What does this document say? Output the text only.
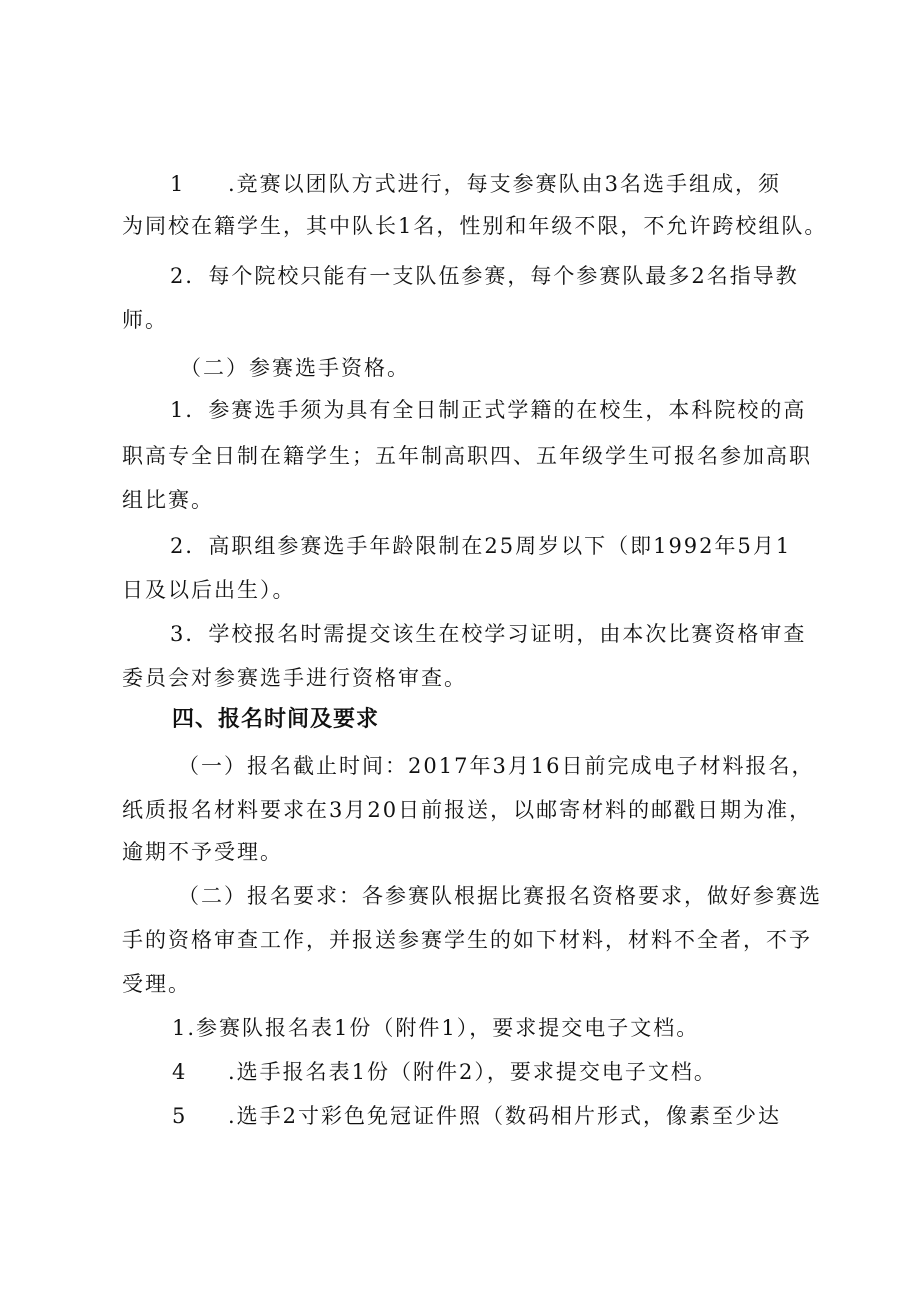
1 .竞赛以团队方式进行，每支参赛队由3名选手组成，须
为同校在籍学生，其中队长1名，性别和年级不限，不允许跨校组队。
2．每个院校只能有一支队伍参赛，每个参赛队最多2名指导教
师。
（二）参赛选手资格。
1．参赛选手须为具有全日制正式学籍的在校生，本科院校的高
职高专全日制在籍学生；五年制高职四、五年级学生可报名参加高职
组比赛。
2．高职组参赛选手年龄限制在25周岁以下（即1992年5月1
日及以后出生）。
3．学校报名时需提交该生在校学习证明，由本次比赛资格审查
委员会对参赛选手进行资格审查。
四、报名时间及要求
（一）报名截止时间：2017年3月16日前完成电子材料报名，
纸质报名材料要求在3月20日前报送，以邮寄材料的邮戳日期为准，
逾期不予受理。
（二）报名要求：各参赛队根据比赛报名资格要求，做好参赛选
手的资格审查工作，并报送参赛学生的如下材料，材料不全者，不予
受理。
1.参赛队报名表1份（附件1），要求提交电子文档。
4 .选手报名表1份（附件2），要求提交电子文档。
5 .选手2寸彩色免冠证件照（数码相片形式，像素至少达
